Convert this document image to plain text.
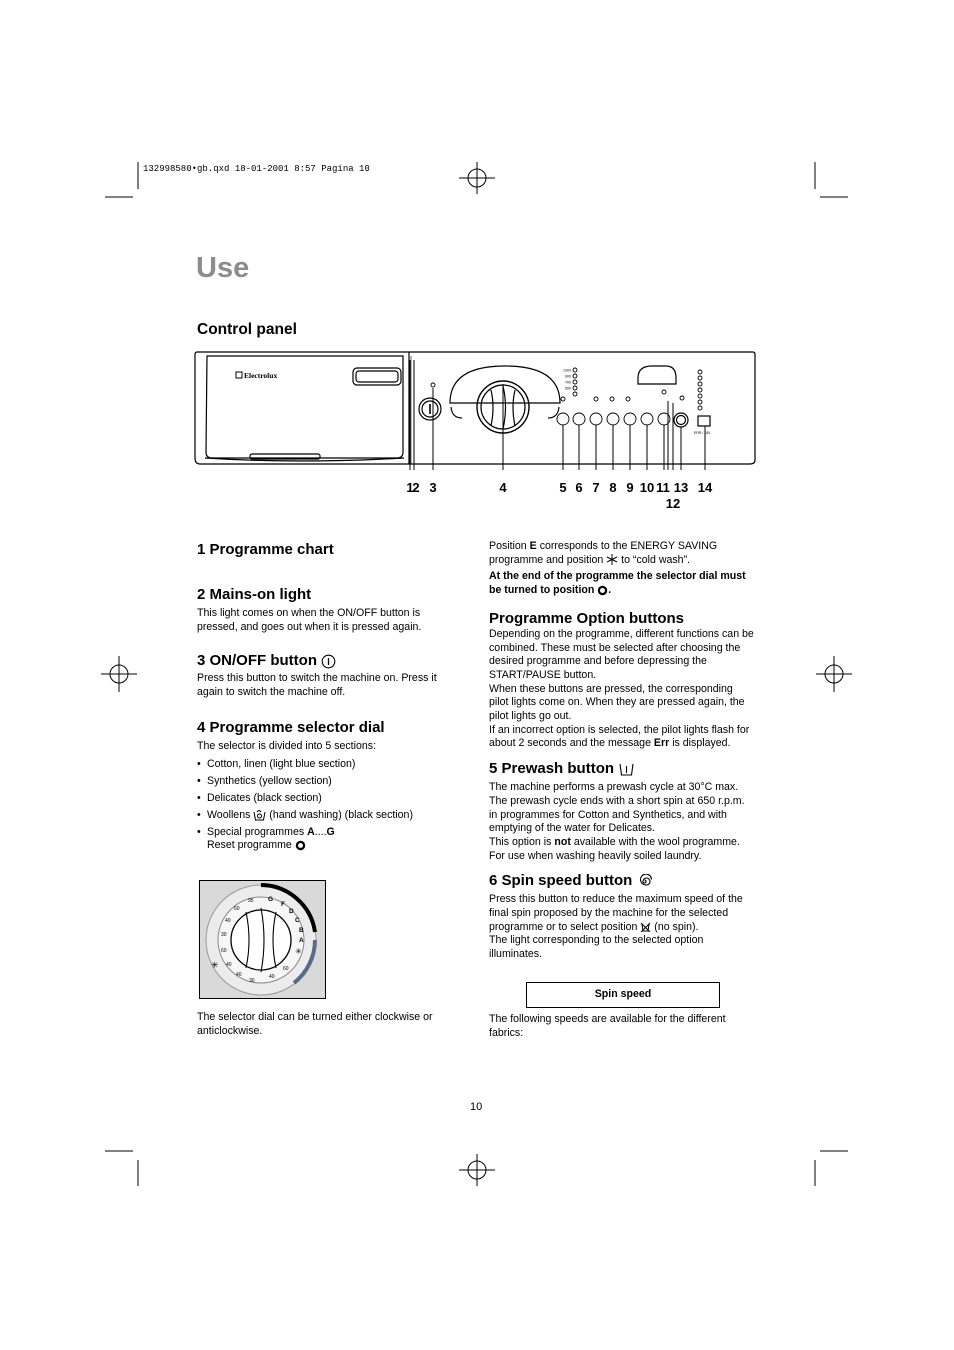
132998580•gb.qxd 18-01-2001 8:57 Pagina 10
Use
Control panel
Electrolux
1300
900
700
500
ERR / DEL
1
2 3	4	5 6 7 8 9 10 11 13 14
12
1 Programme chart
2 Mains-on light

This light comes on when the ON/OFF button is pressed, and goes out when it is pressed again.

3 ON/OFF button

Press this button to switch the machine on. Press it again to switch the machine off.

4 Programme selector dial

The selector is divided into 5 sections:

• Cotton, linen (light blue section)
• Synthetics (yellow section)
• Delicates (black section)
• Woollens (hand washing) (black section)
• Special programmes A....G
Reset programme
G
F
D
C
B
A
95
60
40
30
60
40
40
30
40
60
✳
✳

The selector dial can be turned either clockwise or anticlockwise.

Position E corresponds to the ENERGY SAVING programme and position to “cold wash”.

At the end of the programme the selector dial must be turned to position .

Programme Option buttons

Depending on the programme, different functions can be combined. These must be selected after choosing the desired programme and before depressing the START/PAUSE button.

When these buttons are pressed, the corresponding pilot lights come on. When they are pressed again, the pilot lights go out.

If an incorrect option is selected, the pilot lights flash for about 2 seconds and the message Err is displayed.

5 Prewash button

The machine performs a prewash cycle at 30°C max. The prewash cycle ends with a short spin at 650 r.p.m. in programmes for Cotton and Synthetics, and with emptying of the water for Delicates.

This option is not available with the wool programme. For use when washing heavily soiled laundry.

6 Spin speed button

Press this button to reduce the maximum speed of the final spin proposed by the machine for the selected programme or to select position (no spin).

The light corresponding to the selected option illuminates.

Spin speed

The following speeds are available for the different fabrics:

10
